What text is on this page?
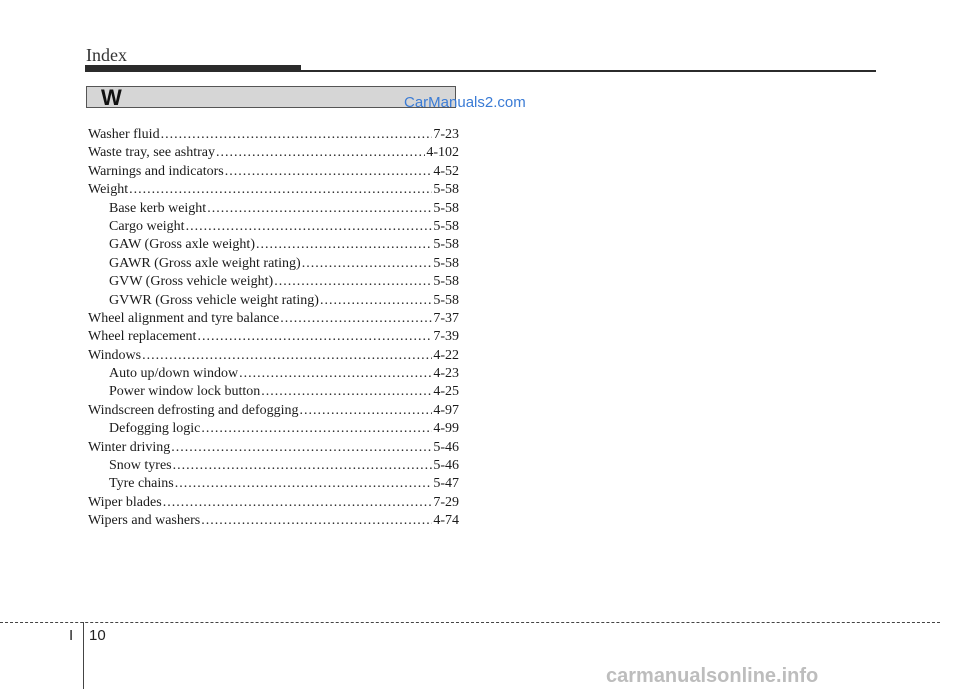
Index
W	CarManuals2.com
Washer fluid .....	7-23
Waste tray, see ashtray .....	4-102
Warnings and indicators .....	4-52
Weight .....	5-58
Base kerb weight .....	5-58
Cargo weight .....	5-58
GAW (Gross axle weight) .....	5-58
GAWR (Gross axle weight rating) .....	5-58
GVW (Gross vehicle weight) .....	5-58
GVWR (Gross vehicle weight rating) .....	5-58
Wheel alignment and tyre balance .....	7-37
Wheel replacement .....	7-39
Windows .....	4-22
Auto up/down window .....	4-23
Power window lock button .....	4-25
Windscreen defrosting and defogging .....	4-97
Defogging logic .....	4-99
Winter driving .....	5-46
Snow tyres .....	5-46
Tyre chains .....	5-47
Wiper blades .....	7-29
Wipers and washers .....	4-74
I 10
carmanualsonline.info
